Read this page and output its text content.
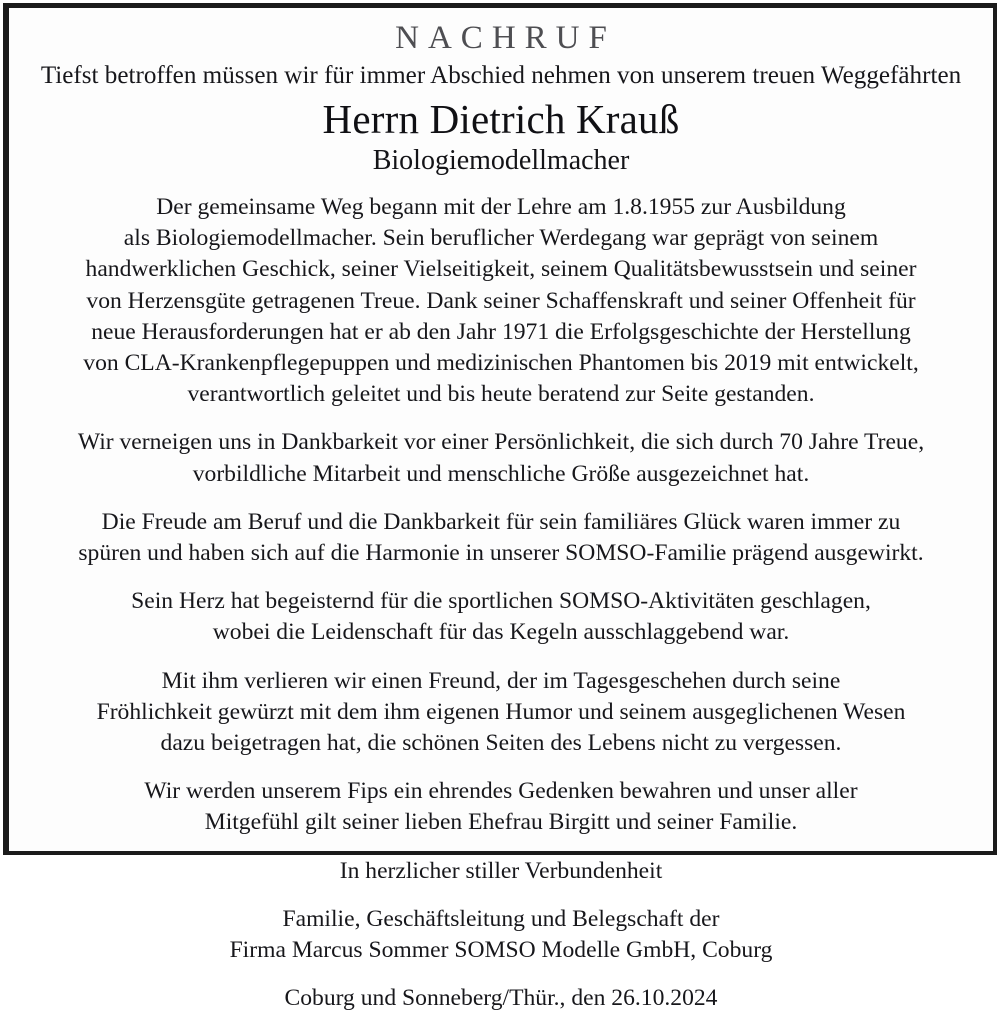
NACHRUF
Tiefst betroffen müssen wir für immer Abschied nehmen von unserem treuen Weggefährten
Herrn Dietrich Krauß
Biologiemodellmacher

Der gemeinsame Weg begann mit der Lehre am 1.8.1955 zur Ausbildung
als Biologiemodellmacher. Sein beruflicher Werdegang war geprägt von seinem
handwerklichen Geschick, seiner Vielseitigkeit, seinem Qualitätsbewusstsein und seiner
von Herzensgüte getragenen Treue. Dank seiner Schaffenskraft und seiner Offenheit für
neue Herausforderungen hat er ab den Jahr 1971 die Erfolgsgeschichte der Herstellung
von CLA-Krankenpflegepuppen und medizinischen Phantomen bis 2019 mit entwickelt,
verantwortlich geleitet und bis heute beratend zur Seite gestanden.

Wir verneigen uns in Dankbarkeit vor einer Persönlichkeit, die sich durch 70 Jahre Treue,
vorbildliche Mitarbeit und menschliche Größe ausgezeichnet hat.

Die Freude am Beruf und die Dankbarkeit für sein familiäres Glück waren immer zu
spüren und haben sich auf die Harmonie in unserer SOMSO-Familie prägend ausgewirkt.

Sein Herz hat begeisternd für die sportlichen SOMSO-Aktivitäten geschlagen,
wobei die Leidenschaft für das Kegeln ausschlaggebend war.

Mit ihm verlieren wir einen Freund, der im Tagesgeschehen durch seine
Fröhlichkeit gewürzt mit dem ihm eigenen Humor und seinem ausgeglichenen Wesen
dazu beigetragen hat, die schönen Seiten des Lebens nicht zu vergessen.

Wir werden unserem Fips ein ehrendes Gedenken bewahren und unser aller
Mitgefühl gilt seiner lieben Ehefrau Birgitt und seiner Familie.

In herzlicher stiller Verbundenheit

Familie, Geschäftsleitung und Belegschaft der
Firma Marcus Sommer SOMSO Modelle GmbH, Coburg

Coburg und Sonneberg/Thür., den 26.10.2024
